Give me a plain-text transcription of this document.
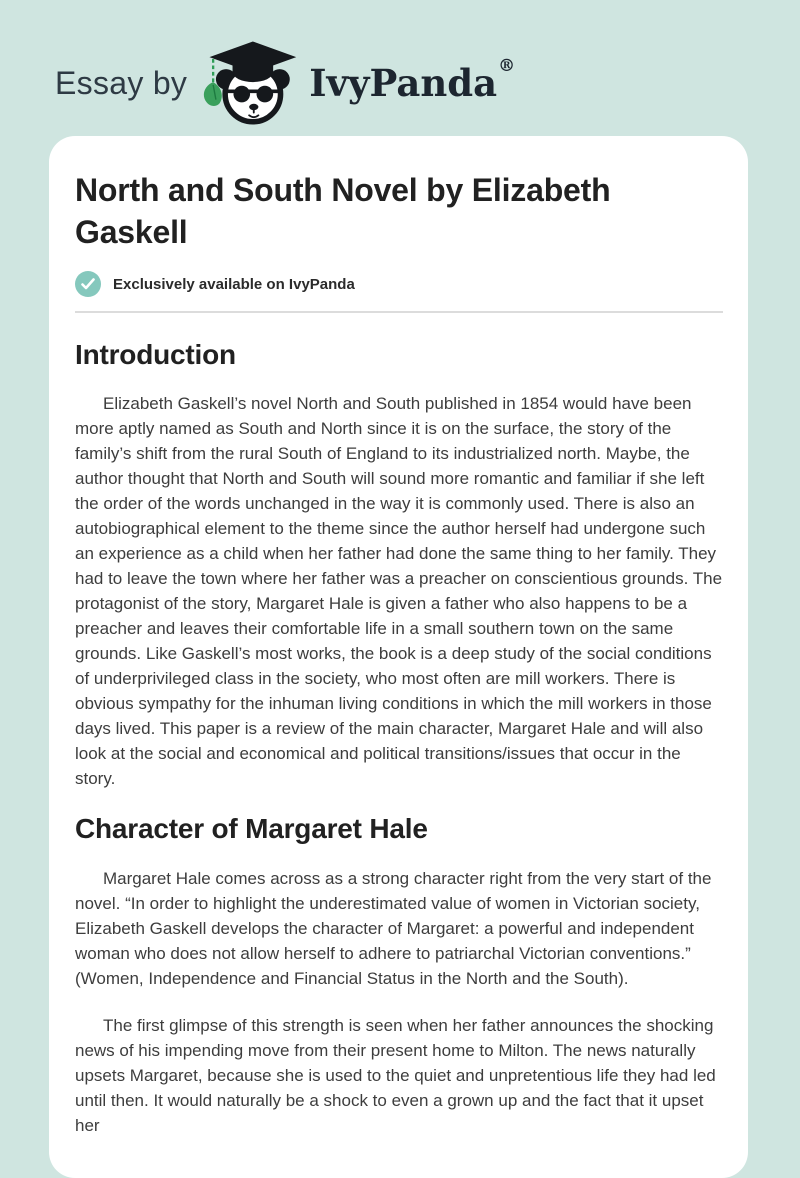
Essay by	IvyPanda ®
North and South Novel by Elizabeth Gaskell
Exclusively available on IvyPanda
Introduction

Elizabeth Gaskell’s novel North and South published in 1854 would have been more aptly named as South and North since it is on the surface, the story of the family’s shift from the rural South of England to its industrialized north. Maybe, the author thought that North and South will sound more romantic and familiar if she left the order of the words unchanged in the way it is commonly used. There is also an autobiographical element to the theme since the author herself had undergone such an experience as a child when her father had done the same thing to her family. They had to leave the town where her father was a preacher on conscientious grounds. The protagonist of the story, Margaret Hale is given a father who also happens to be a preacher and leaves their comfortable life in a small southern town on the same grounds. Like Gaskell’s most works, the book is a deep study of the social conditions of underprivileged class in the society, who most often are mill workers. There is obvious sympathy for the inhuman living conditions in which the mill workers in those days lived. This paper is a review of the main character, Margaret Hale and will also look at the social and economical and political transitions/issues that occur in the story.

Character of Margaret Hale

Margaret Hale comes across as a strong character right from the very start of the novel. “In order to highlight the underestimated value of women in Victorian society, Elizabeth Gaskell develops the character of Margaret: a powerful and independent woman who does not allow herself to adhere to patriarchal Victorian conventions.” (Women, Independence and Financial Status in the North and the South).

The first glimpse of this strength is seen when her father announces the shocking news of his impending move from their present home to Milton. The news naturally upsets Margaret, because she is used to the quiet and unpretentious life they had led until then. It would naturally be a shock to even a grown up and the fact that it upset her
